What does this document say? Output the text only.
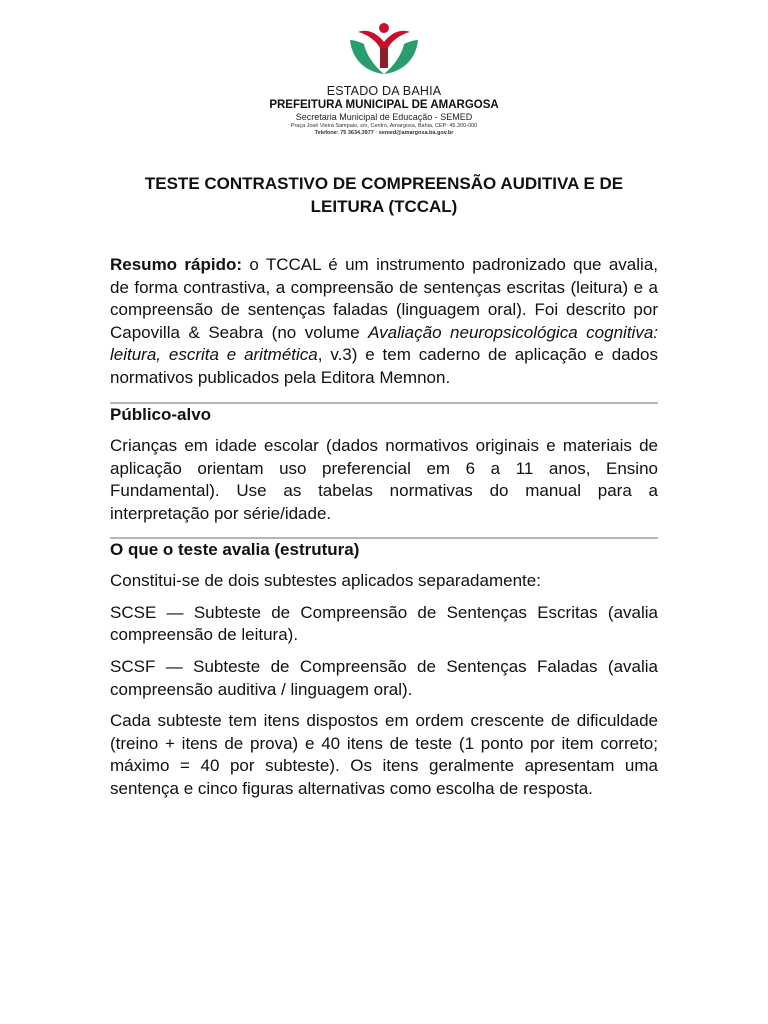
ESTADO DA BAHIA
PREFEITURA MUNICIPAL DE AMARGOSA
Secretaria Municipal de Educação - SEMED
Praça José Vieira Sampaio, s/n, Centro, Amargosa, Bahia, CEP: 45.300-000
Telefone: 75 3634.3977 · semed@amargosa.ba.gov.br
TESTE CONTRASTIVO DE COMPREENSÃO AUDITIVA E DE LEITURA (TCCAL)

Resumo rápido: o TCCAL é um instrumento padronizado que avalia, de forma contrastiva, a compreensão de sentenças escritas (leitura) e a compreensão de sentenças faladas (linguagem oral). Foi descrito por Capovilla & Seabra (no volume Avaliação neuropsicológica cognitiva: leitura, escrita e aritmética, v.3) e tem caderno de aplicação e dados normativos publicados pela Editora Memnon.

Público-alvo

Crianças em idade escolar (dados normativos originais e materiais de aplicação orientam uso preferencial em 6 a 11 anos, Ensino Fundamental). Use as tabelas normativas do manual para a interpretação por série/idade.

O que o teste avalia (estrutura)

Constitui-se de dois subtestes aplicados separadamente:

SCSE — Subteste de Compreensão de Sentenças Escritas (avalia compreensão de leitura).

SCSF — Subteste de Compreensão de Sentenças Faladas (avalia compreensão auditiva / linguagem oral).

Cada subteste tem itens dispostos em ordem crescente de dificuldade (treino + itens de prova) e 40 itens de teste (1 ponto por item correto; máximo = 40 por subteste). Os itens geralmente apresentam uma sentença e cinco figuras alternativas como escolha de resposta.
